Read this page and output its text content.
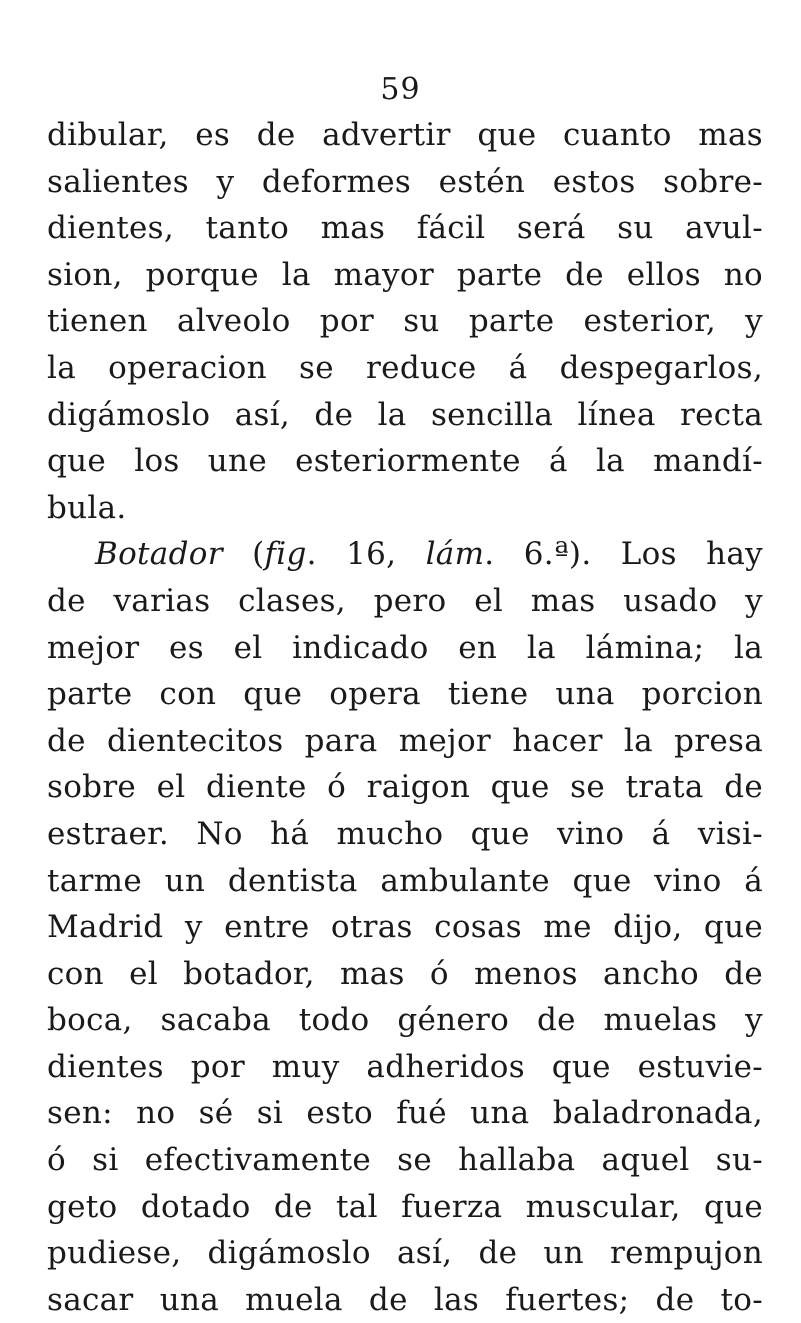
59
dibular, es de advertir que cuanto mas
salientes y deformes estén estos sobre-
dientes, tanto mas fácil será su avul-
sion, porque la mayor parte de ellos no
tienen alveolo por su parte esterior, y
la operacion se reduce á despegarlos,
digámoslo así, de la sencilla línea recta
que los une esteriormente á la mandí-
bula.
Botador (fig. 16, lám. 6.ª). Los hay
de varias clases, pero el mas usado y
mejor es el indicado en la lámina; la
parte con que opera tiene una porcion
de dientecitos para mejor hacer la presa
sobre el diente ó raigon que se trata de
estraer. No há mucho que vino á visi-
tarme un dentista ambulante que vino á
Madrid y entre otras cosas me dijo, que
con el botador, mas ó menos ancho de
boca, sacaba todo género de muelas y
dientes por muy adheridos que estuvie-
sen: no sé si esto fué una baladronada,
ó si efectivamente se hallaba aquel su-
geto dotado de tal fuerza muscular, que
pudiese, digámoslo así, de un rempujon
sacar una muela de las fuertes; de to-
